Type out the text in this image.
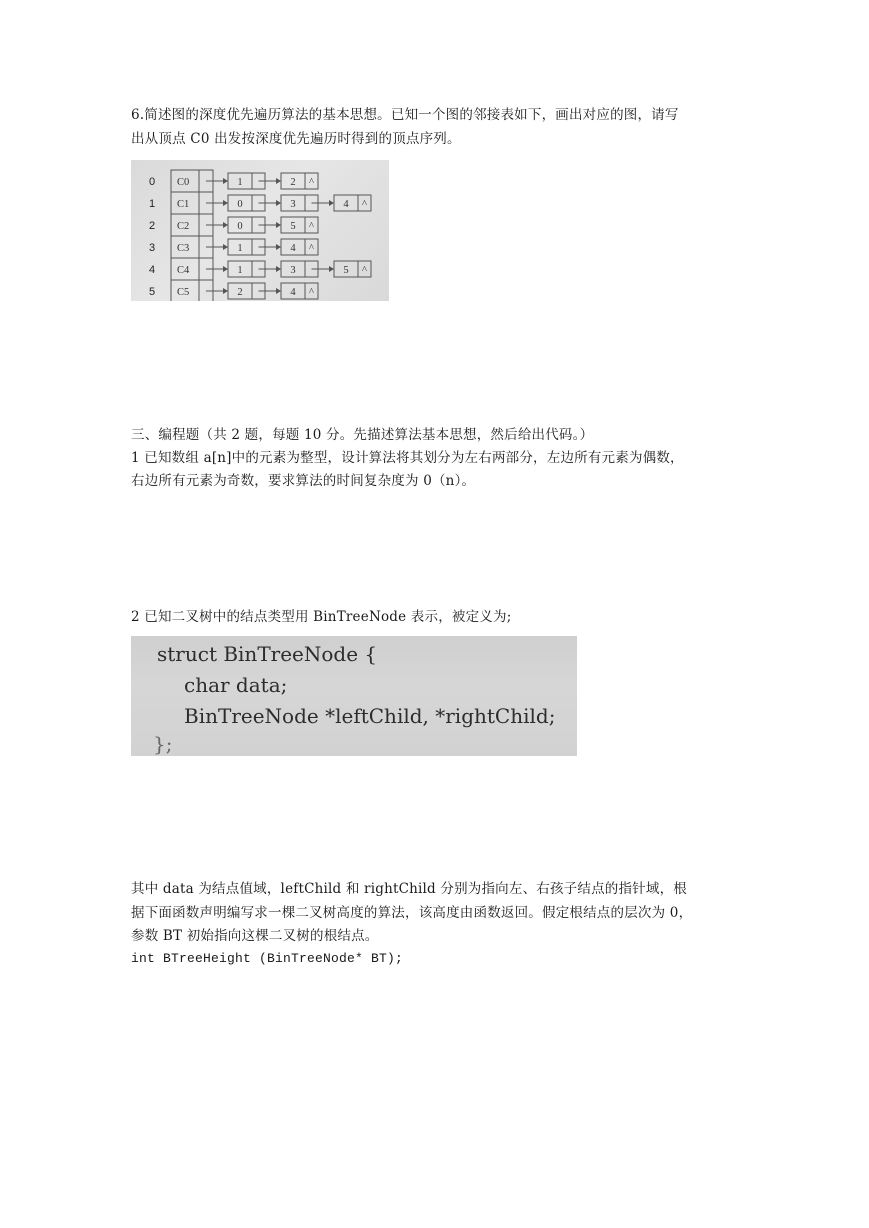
6.简述图的深度优先遍历算法的基本思想。已知一个图的邻接表如下，画出对应的图，请写
出从顶点 C0 出发按深度优先遍历时得到的顶点序列。
0 C0	1	2 ^
1 C1	0	3	4 ^
2 C2	0	5 ^
3 C3	1	4 ^
4 C4	1	3	5 ^
5 C5	2	4 ^
三、编程题（共 2 题，每题 10 分。先描述算法基本思想，然后给出代码。）
1 已知数组 a[n]中的元素为整型，设计算法将其划分为左右两部分，左边所有元素为偶数，
右边所有元素为奇数，要求算法的时间复杂度为 0（n）。
2 已知二叉树中的结点类型用 BinTreeNode 表示，被定义为;
struct BinTreeNode {
char data;
BinTreeNode *leftChild, *rightChild;
};
其中 data 为结点值域，leftChild 和 rightChild 分别为指向左、右孩子结点的指针域，根
据下面函数声明编写求一棵二叉树高度的算法，该高度由函数返回。假定根结点的层次为 0，
参数 BT 初始指向这棵二叉树的根结点。
int BTreeHeight (BinTreeNode* BT);
